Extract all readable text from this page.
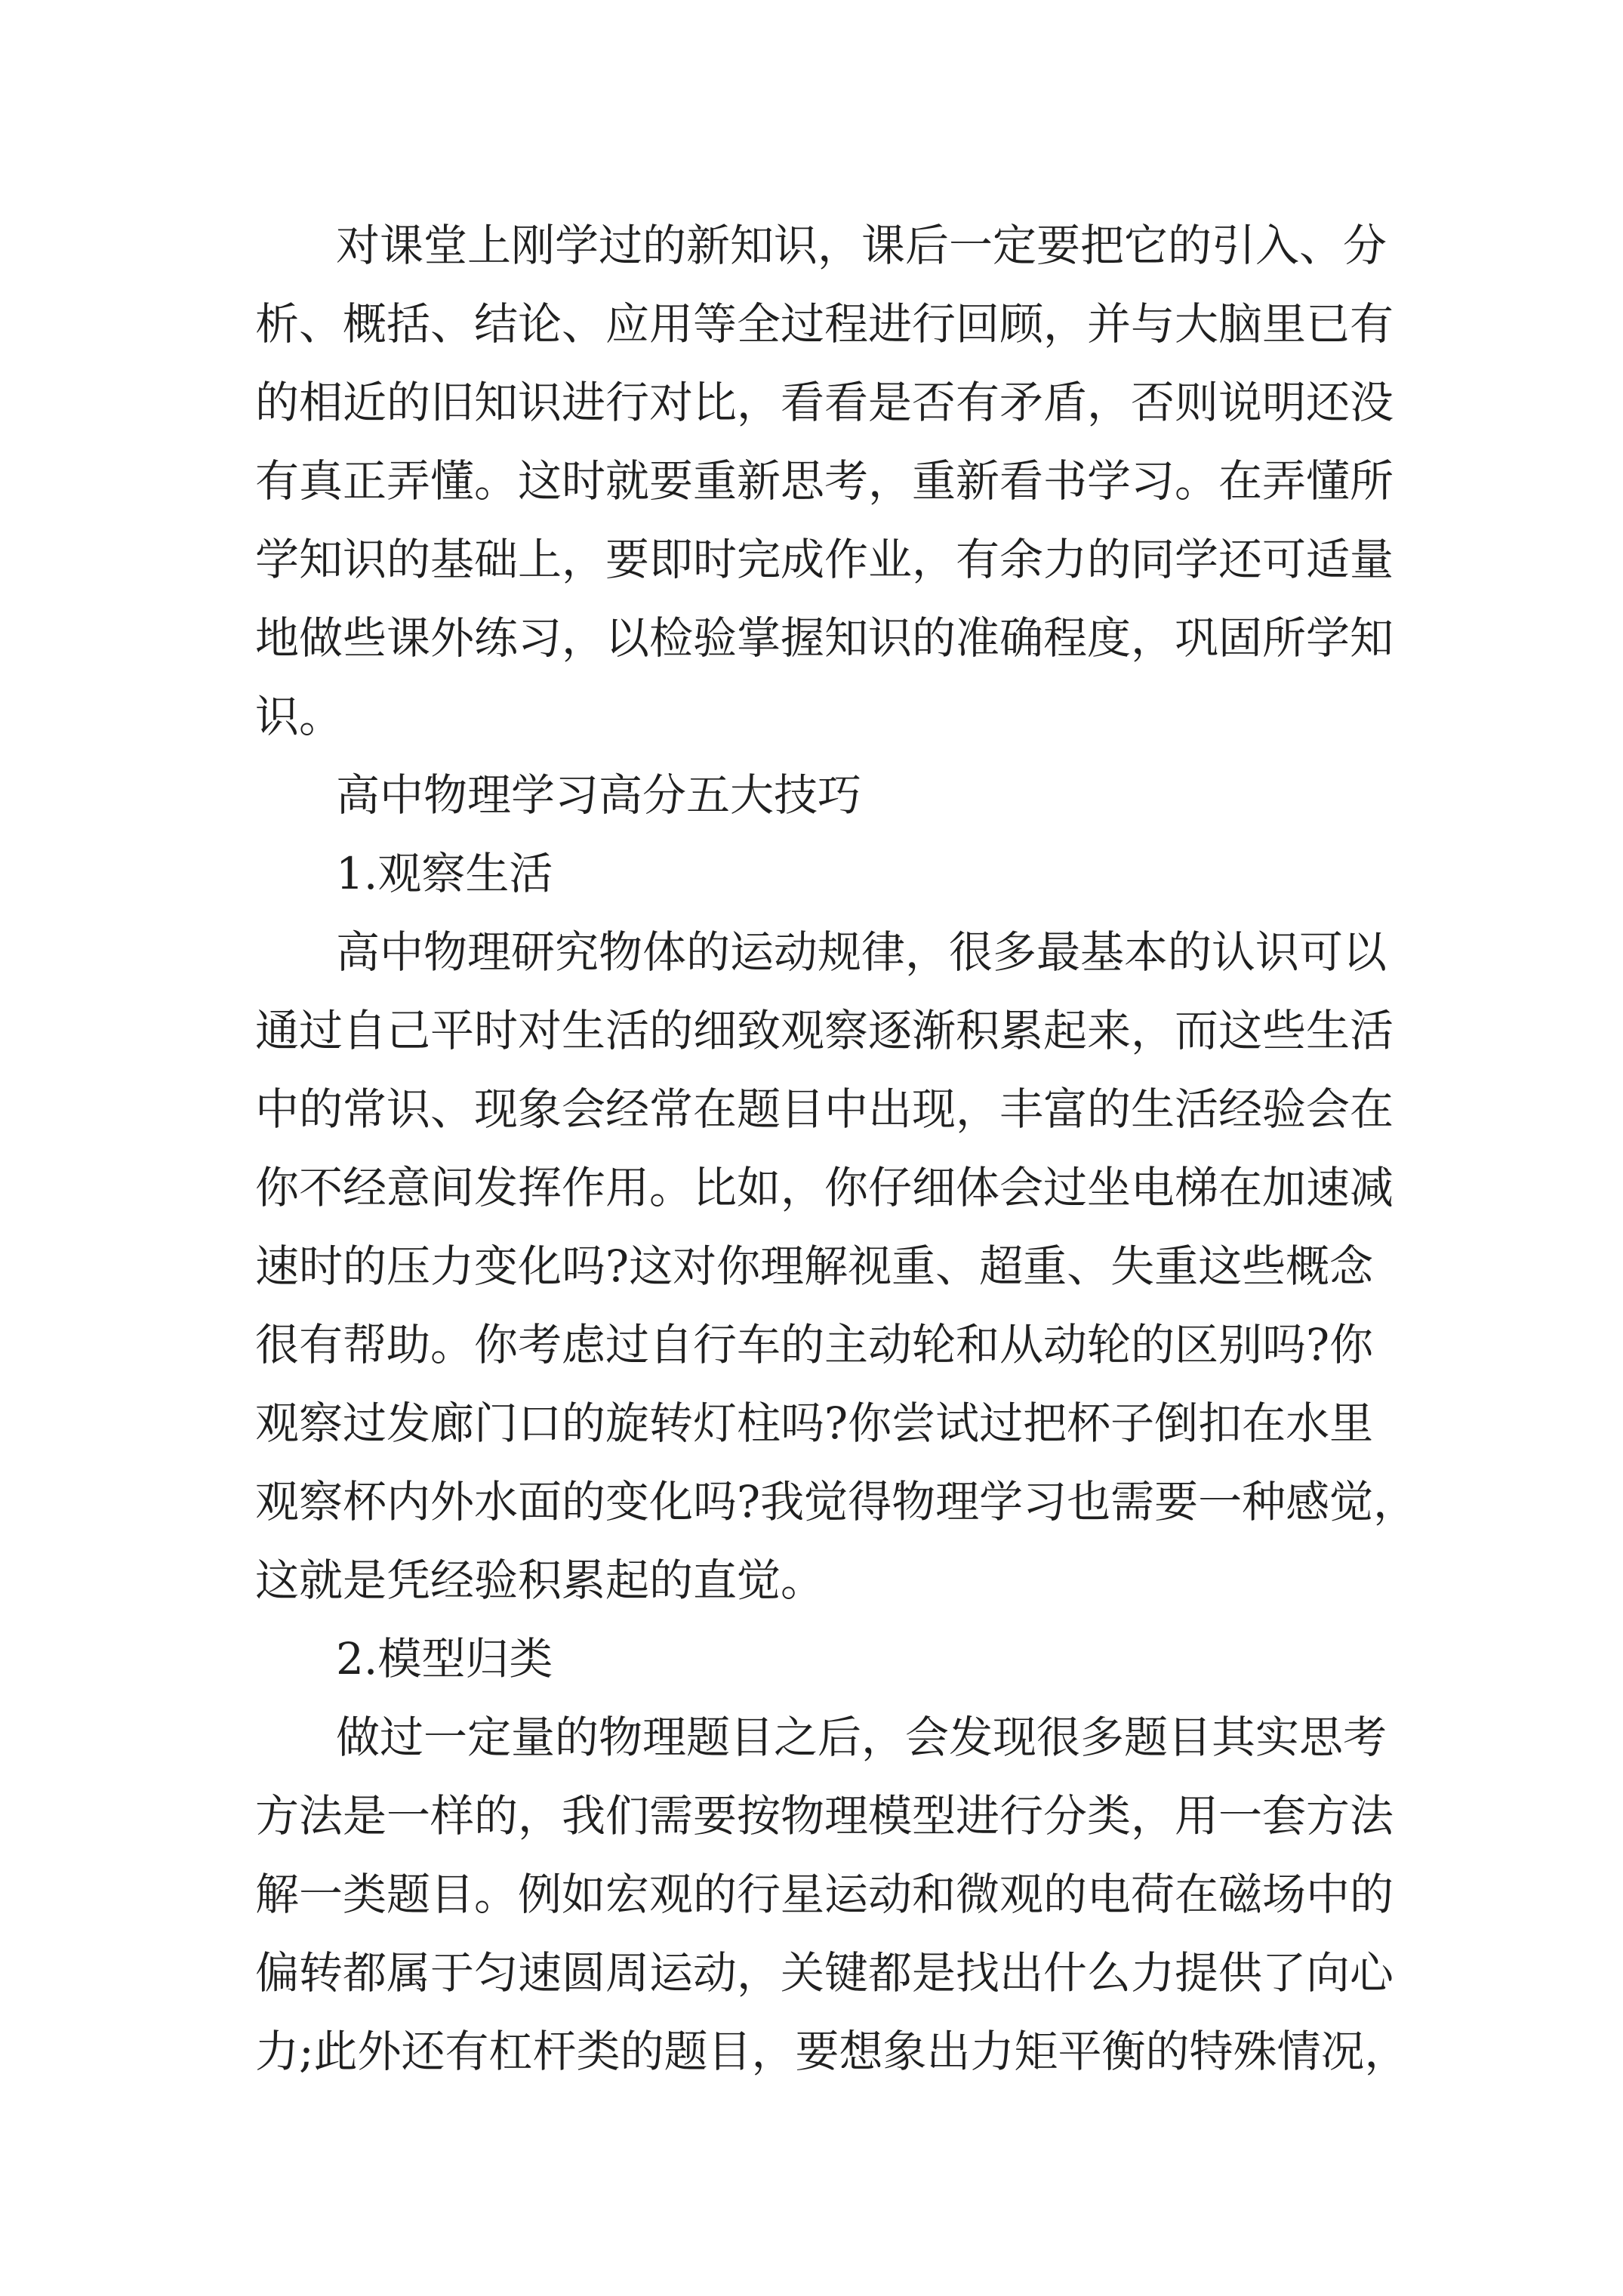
对课堂上刚学过的新知识，课后一定要把它的引入、分

析、概括、结论、应用等全过程进行回顾，并与大脑里已有

的相近的旧知识进行对比，看看是否有矛盾，否则说明还没

有真正弄懂。这时就要重新思考，重新看书学习。在弄懂所

学知识的基础上，要即时完成作业，有余力的同学还可适量

地做些课外练习，以检验掌握知识的准确程度，巩固所学知

识。

高中物理学习高分五大技巧

1.观察生活

高中物理研究物体的运动规律，很多最基本的认识可以

通过自己平时对生活的细致观察逐渐积累起来，而这些生活

中的常识、现象会经常在题目中出现，丰富的生活经验会在

你不经意间发挥作用。比如，你仔细体会过坐电梯在加速减

速时的压力变化吗?这对你理解视重、超重、失重这些概念

很有帮助。你考虑过自行车的主动轮和从动轮的区别吗?你

观察过发廊门口的旋转灯柱吗?你尝试过把杯子倒扣在水里

观察杯内外水面的变化吗?我觉得物理学习也需要一种感觉，

这就是凭经验积累起的直觉。

2.模型归类

做过一定量的物理题目之后，会发现很多题目其实思考

方法是一样的，我们需要按物理模型进行分类，用一套方法

解一类题目。例如宏观的行星运动和微观的电荷在磁场中的

偏转都属于匀速圆周运动，关键都是找出什么力提供了向心

力;此外还有杠杆类的题目，要想象出力矩平衡的特殊情况，
